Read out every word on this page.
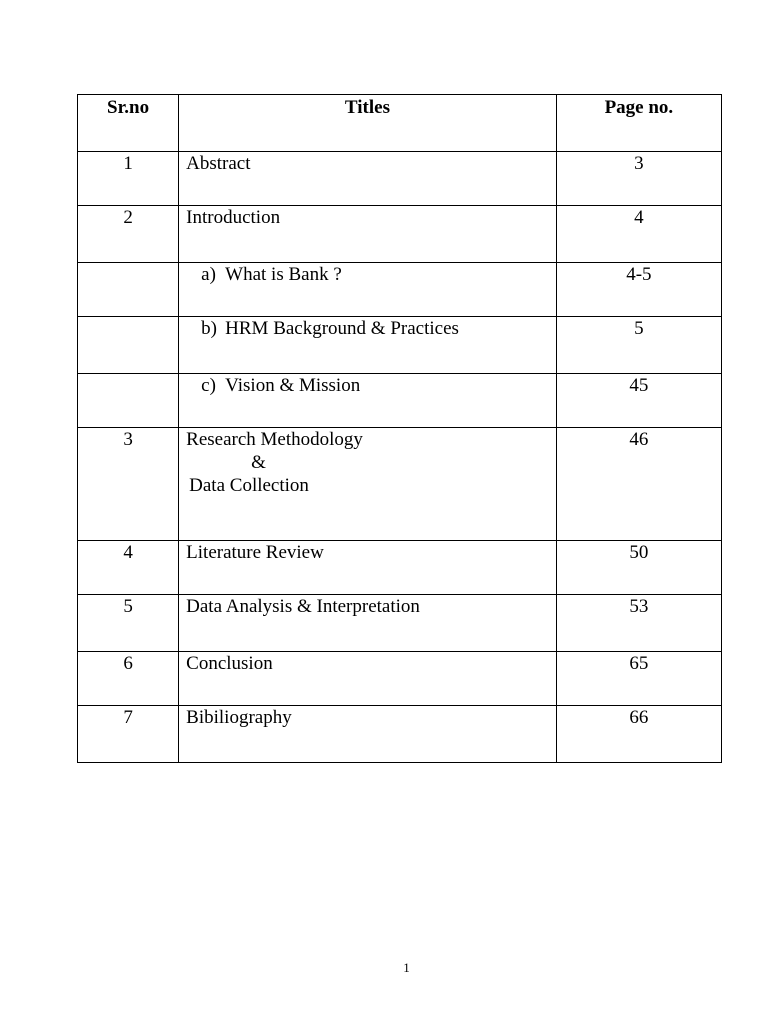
Sr.no	Titles	Page no.
1	Abstract	3
2	Introduction	4
	a) What is Bank ?	4-5
	b) HRM Background & Practices	5
	c) Vision & Mission	45
3	Research Methodology
&
Data Collection	46
4	Literature Review	50
5	Data Analysis & Interpretation	53
6	Conclusion	65
7	Bibiliography	66
1
